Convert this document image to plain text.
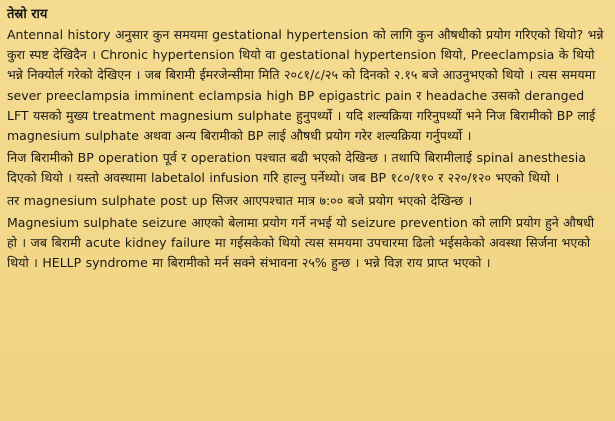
तेस्रो राय

Antennal history अनुसार कुन समयमा gestational hypertension को लागि कुन औषधीको प्रयोग गरिएको थियो? भन्ने कुरा स्पष्ट देखिदैन । Chronic hypertension थियो वा gestational hypertension थियो, Preeclampsia के थियो भन्ने निक्योर्ल गरेको देखिएन । जब बिरामी ईमरजेन्सीमा मिति २०८१/८/२५ को दिनको २.१५ बजे आउनुभएको थियो । त्यस समयमा sever preeclampsia imminent eclampsia high BP epigastric pain र headache उसको deranged LFT यसको मुख्य treatment magnesium sulphate हुनुपर्थ्यो । यदि शल्यक्रिया गरिनुपर्थ्यो भने निज बिरामीको BP लाई magnesium sulphate अथवा अन्य बिरामीको BP लाई औषधी प्रयोग गरेर शल्यक्रिया गर्नुपर्थ्यो ।

निज बिरामीको BP operation पूर्व र operation पश्चात बढी भएको देखिन्छ । तथापि बिरामीलाई spinal anesthesia दिएको थियो । यस्तो अवस्थामा labetalol infusion गरि हाल्नु पर्नेथ्यो। जब BP १८०/११० र २२०/१२० भएको थियो ।

तर magnesium sulphate post up सिजर आएपश्चात मात्र ७:०० बजे प्रयोग भएको देखिन्छ ।

Magnesium sulphate seizure आएको बेलामा प्रयोग गर्ने नभई यो seizure prevention को लागि प्रयोग हुने औषधी हो । जब बिरामी acute kidney failure मा गईसकेको थियो त्यस समयमा उपचारमा ढिलो भईसकेको अवस्था सिर्जना भएको थियो । HELLP syndrome मा बिरामीको मर्न सक्ने संभावना २५% हुन्छ । भन्ने विज्ञ राय प्राप्त भएको ।
